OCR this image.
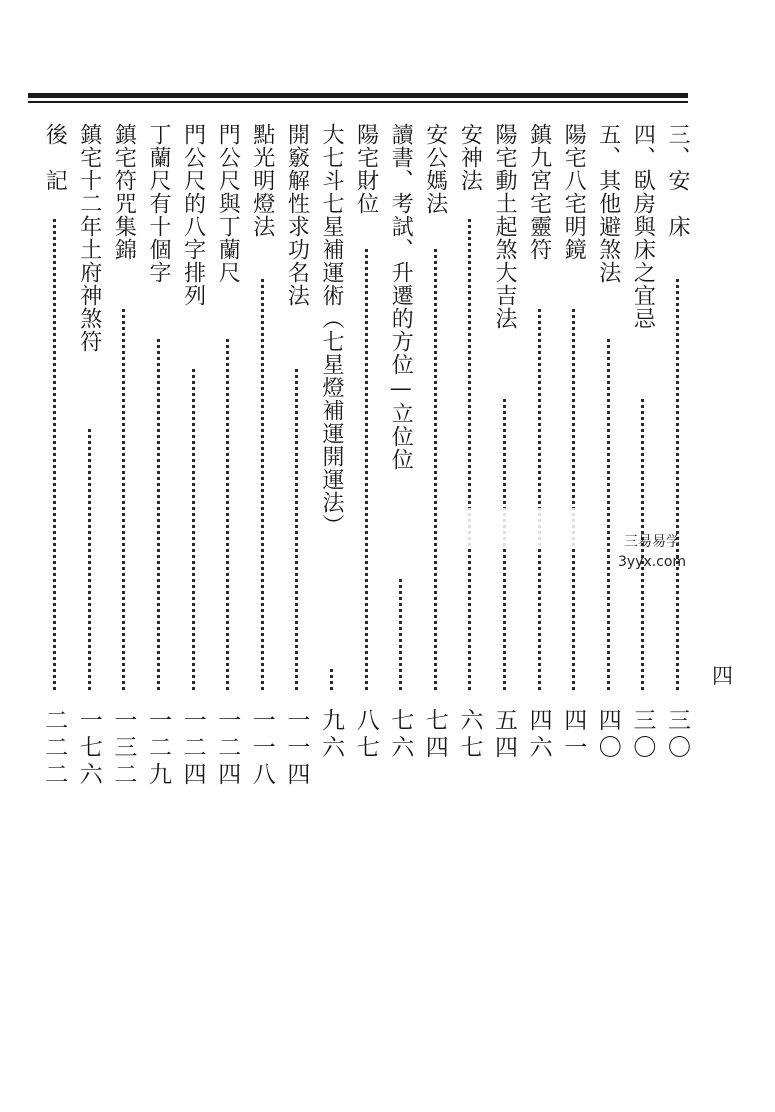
三、安　床
三〇
四、臥房與床之宜忌
三〇
五、其他避煞法
四〇
陽宅八宅明鏡
四一
鎮九宮宅靈符
四六
陽宅動土起煞大吉法
五四
安神法
六七
安公媽法
七四
讀書、考試、升遷的方位—立位位
七六
陽宅財位
八七
大七斗七星補運術（七星燈補運開運法）
九六
開竅解性求功名法
一一四
點光明燈法
一一八
門公尺與丁蘭尺
一二四
門公尺的八字排列
一二四
丁蘭尺有十個字
一二九
鎮宅符咒集錦
一三二
鎮宅十二年土府神煞符
一七六
後　記
二二二
三易易学
3yyx.com
四
